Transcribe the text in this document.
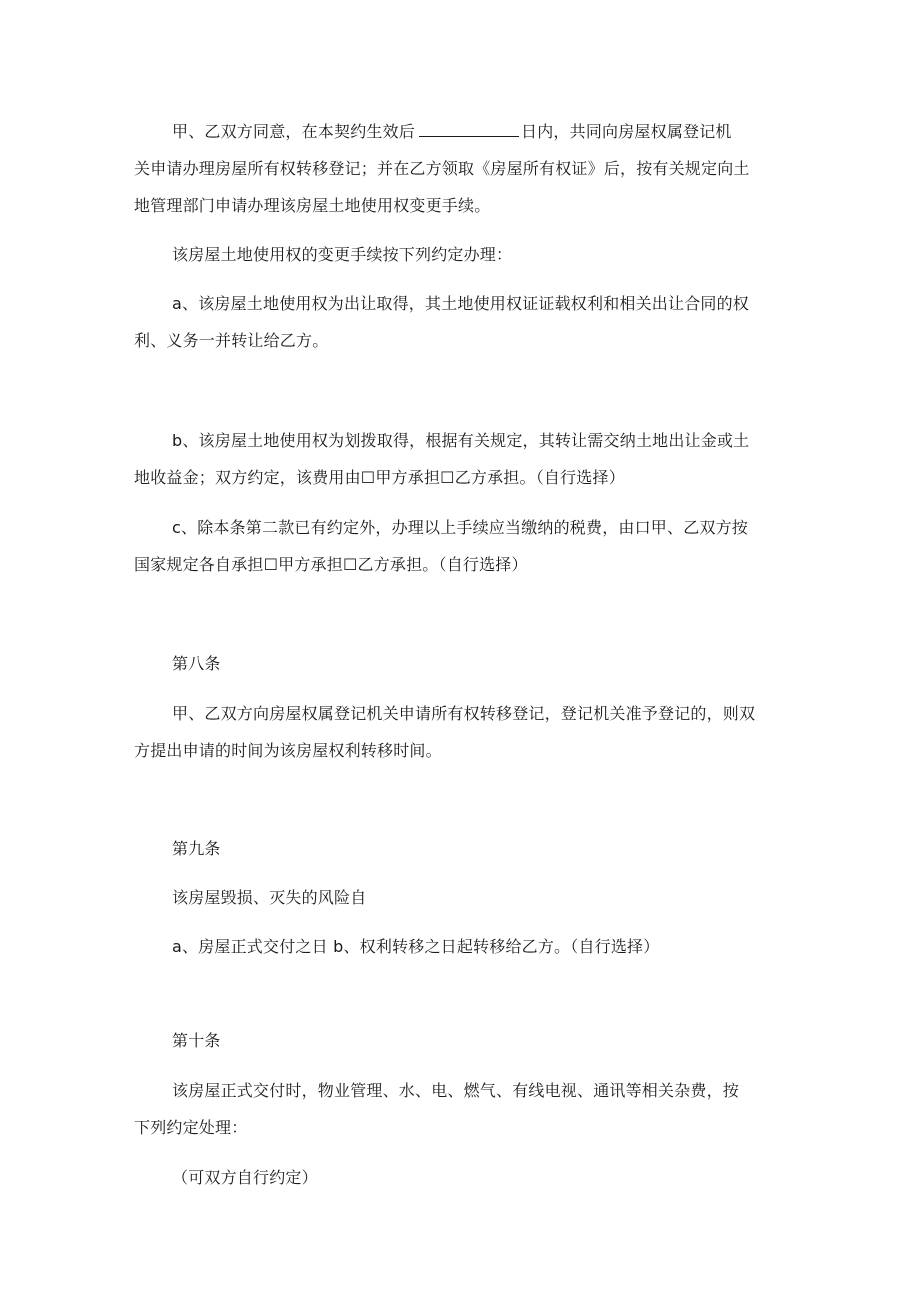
甲、乙双方同意，在本契约生效后	日内，共同向房屋权属登记机
关申请办理房屋所有权转移登记；并在乙方领取《房屋所有权证》后，按有关规定向土
地管理部门申请办理该房屋土地使用权变更手续。
该房屋土地使用权的变更手续按下列约定办理：
a、该房屋土地使用权为出让取得，其土地使用权证证载权利和相关出让合同的权
利、义务一并转让给乙方。
b、该房屋土地使用权为划拨取得，根据有关规定，其转让需交纳土地出让金或土
地收益金；双方约定，该费用由☐甲方承担☐乙方承担。（自行选择）
c、除本条第二款已有约定外，办理以上手续应当缴纳的税费，由口甲、乙双方按
国家规定各自承担☐甲方承担☐乙方承担。（自行选择）
第八条
甲、乙双方向房屋权属登记机关申请所有权转移登记，登记机关准予登记的，则双
方提出申请的时间为该房屋权利转移时间。
第九条
该房屋毁损、灭失的风险自
a、房屋正式交付之日 b、权利转移之日起转移给乙方。（自行选择）
第十条
该房屋正式交付时，物业管理、水、电、燃气、有线电视、通讯等相关杂费，按
下列约定处理：
（可双方自行约定）
